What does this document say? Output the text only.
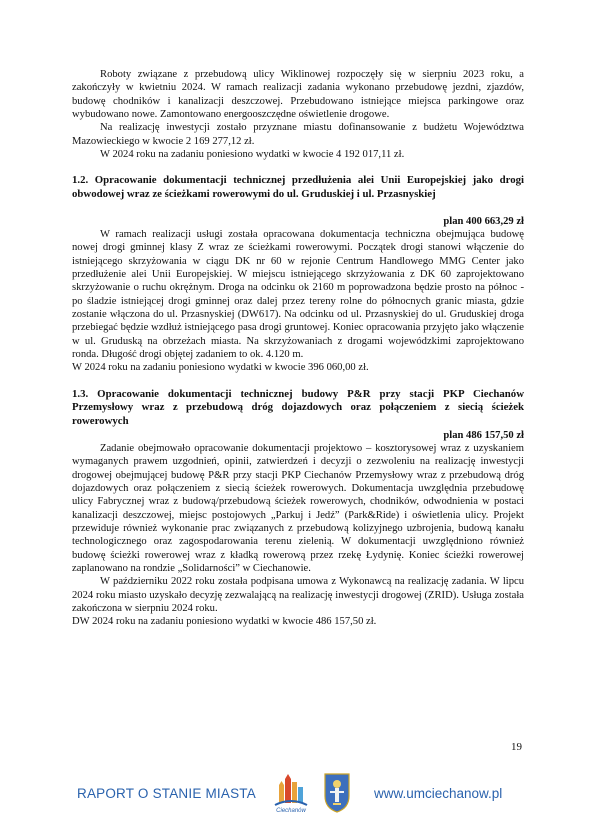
Roboty związane z przebudową ulicy Wiklinowej rozpoczęły się w sierpniu 2023 roku, a zakończyły w kwietniu 2024. W ramach realizacji zadania wykonano przebudowę jezdni, zjazdów, budowę chodników i kanalizacji deszczowej. Przebudowano istniejące miejsca parkingowe oraz wybudowano nowe. Zamontowano energooszczędne oświetlenie drogowe.

Na realizację inwestycji zostało przyznane miastu dofinansowanie z budżetu Województwa Mazowieckiego w kwocie 2 169 277,12 zł.

W 2024 roku na zadaniu poniesiono wydatki w kwocie 4 192 017,11 zł.

1.2. Opracowanie dokumentacji technicznej przedłużenia alei Unii Europejskiej jako drogi obwodowej wraz ze ścieżkami rowerowymi do ul. Gruduskiej i ul. Przasnyskiej

plan 400 663,29 zł

W ramach realizacji usługi została opracowana dokumentacja techniczna obejmująca budowę nowej drogi gminnej klasy Z wraz ze ścieżkami rowerowymi. Początek drogi stanowi włączenie do istniejącego skrzyżowania w ciągu DK nr 60 w rejonie Centrum Handlowego MMG Center jako przedłużenie alei Unii Europejskiej. W miejscu istniejącego skrzyżowania z DK 60 zaprojektowano skrzyżowanie o ruchu okrężnym. Droga na odcinku ok 2160 m poprowadzona będzie prosto na północ - po śladzie istniejącej drogi gminnej oraz dalej przez tereny rolne do północnych granic miasta, gdzie zostanie włączona do ul. Przasnyskiej (DW617). Na odcinku od ul. Przasnyskiej do ul. Gruduskiej droga przebiegać będzie wzdłuż istniejącego pasa drogi gruntowej. Koniec opracowania przyjęto jako włączenie w ul. Gruduską na obrzeżach miasta. Na skrzyżowaniach z drogami wojewódzkimi zaprojektowano ronda. Długość drogi objętej zadaniem to ok. 4.120 m.

W 2024 roku na zadaniu poniesiono wydatki w kwocie 396 060,00 zł.

1.3. Opracowanie dokumentacji technicznej budowy P&R przy stacji PKP Ciechanów Przemysłowy wraz z przebudową dróg dojazdowych oraz połączeniem z siecią ścieżek rowerowych

plan 486 157,50 zł

Zadanie obejmowało opracowanie dokumentacji projektowo – kosztorysowej wraz z uzyskaniem wymaganych prawem uzgodnień, opinii, zatwierdzeń i decyzji o zezwoleniu na realizację inwestycji drogowej obejmującej budowę P&R przy stacji PKP Ciechanów Przemysłowy wraz z przebudową dróg dojazdowych oraz połączeniem z siecią ścieżek rowerowych. Dokumentacja uwzględnia przebudowę ulicy Fabrycznej wraz z budową/przebudową ścieżek rowerowych, chodników, odwodnienia w postaci kanalizacji deszczowej, miejsc postojowych „Parkuj i Jedź” (Park&Ride) i oświetlenia ulicy. Projekt przewiduje również wykonanie prac związanych z przebudową kolizyjnego uzbrojenia, budową kanału technologicznego oraz zagospodarowania terenu zielenią. W dokumentacji uwzględniono również budowę ścieżki rowerowej wraz z kładką rowerową przez rzekę Łydynię. Koniec ścieżki rowerowej zaplanowano na rondzie „Solidarności” w Ciechanowie.

W październiku 2022 roku została podpisana umowa z Wykonawcą na realizację zadania. W lipcu 2024 roku miasto uzyskało decyzję zezwalającą na realizację inwestycji drogowej (ZRID). Usługa została zakończona w sierpniu 2024 roku.

DW 2024 roku na zadaniu poniesiono wydatki w kwocie 486 157,50 zł.

19
RAPORT O STANIE MIASTA
Ciechanów
www.umciechanow.pl
